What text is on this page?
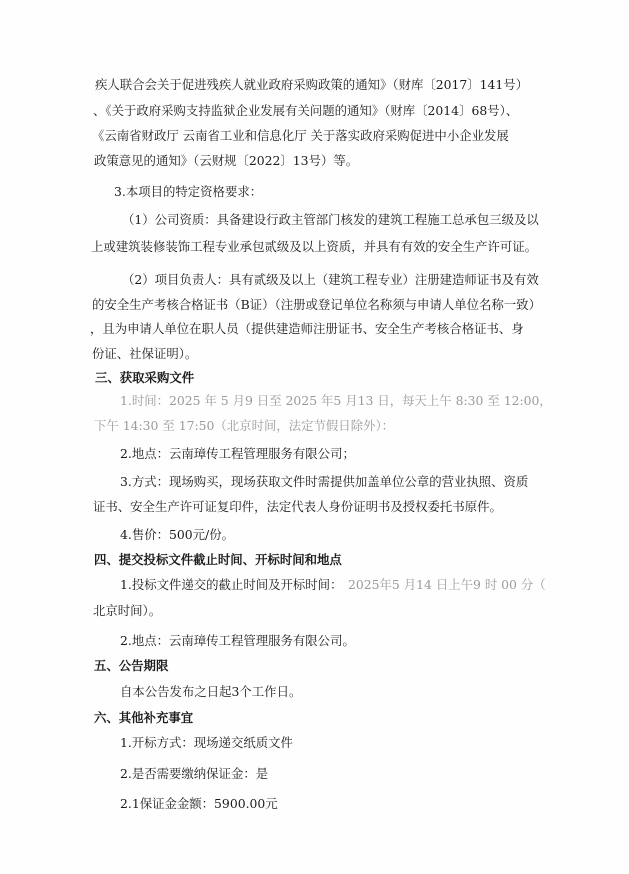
疾人联合会关于促进残疾人就业政府采购政策的通知》（财库〔2017〕141号）
、《关于政府采购支持监狱企业发展有关问题的通知》（财库〔2014〕68号）、
《云南省财政厅 云南省工业和信息化厅 关于落实政府采购促进中小企业发展
政策意见的通知》（云财规〔2022〕13号）等。
3.本项目的特定资格要求：
（1）公司资质：具备建设行政主管部门核发的建筑工程施工总承包三级及以
上或建筑装修装饰工程专业承包贰级及以上资质，并具有有效的安全生产许可证。
（2）项目负责人：具有贰级及以上（建筑工程专业）注册建造师证书及有效
的安全生产考核合格证书（B证）（注册或登记单位名称须与申请人单位名称一致）
，且为申请人单位在职人员（提供建造师注册证书、安全生产考核合格证书、身
份证、社保证明）。
三、获取采购文件
1.时间：2025 年 5 月9 日至 2025 年5 月13 日，每天上午 8:30 至 12:00，
下午 14:30 至 17:50（北京时间，法定节假日除外）：
2.地点：云南璋传工程管理服务有限公司；
3.方式：现场购买，现场获取文件时需提供加盖单位公章的营业执照、资质
证书、安全生产许可证复印件，法定代表人身份证明书及授权委托书原件。
4.售价：500元/份。
四、提交投标文件截止时间、开标时间和地点
1.投标文件递交的截止时间及开标时间： 2025年5 月14 日上午9 时 00 分（
北京时间）。
2.地点：云南璋传工程管理服务有限公司。
五、公告期限
自本公告发布之日起3个工作日。
六、其他补充事宜
1.开标方式：现场递交纸质文件
2.是否需要缴纳保证金：是
2.1保证金金额：5900.00元
